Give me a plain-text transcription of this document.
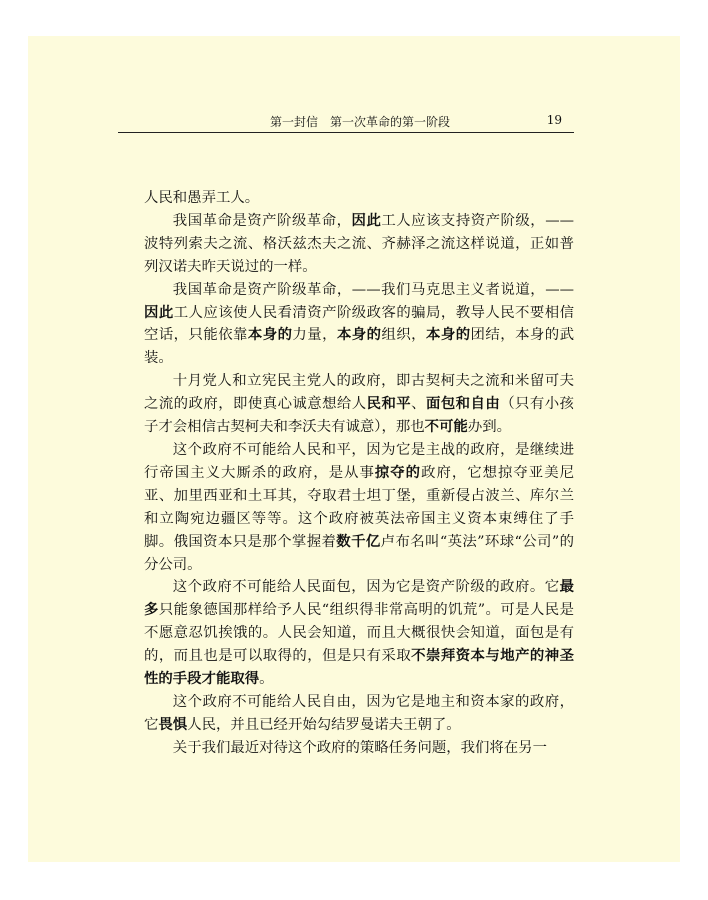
第一封信　第一次革命的第一阶段	19

人民和愚弄工人。

我国革命是资产阶级革命，因此工人应该支持资产阶级，——波特列索夫之流、格沃兹杰夫之流、齐赫泽之流这样说道，正如普列汉诺夫昨天说过的一样。

我国革命是资产阶级革命，——我们马克思主义者说道，——因此工人应该使人民看清资产阶级政客的骗局，教导人民不要相信空话，只能依靠本身的力量，本身的组织，本身的团结，本身的武装。

十月党人和立宪民主党人的政府，即古契柯夫之流和米留可夫之流的政府，即使真心诚意想给人民和平、面包和自由（只有小孩子才会相信古契柯夫和李沃夫有诚意），那也不可能办到。

这个政府不可能给人民和平，因为它是主战的政府，是继续进行帝国主义大厮杀的政府，是从事掠夺的政府，它想掠夺亚美尼亚、加里西亚和土耳其，夺取君士坦丁堡，重新侵占波兰、库尔兰和立陶宛边疆区等等。这个政府被英法帝国主义资本束缚住了手脚。俄国资本只是那个掌握着数千亿卢布名叫“英法”环球“公司”的分公司。

这个政府不可能给人民面包，因为它是资产阶级的政府。它最多只能象德国那样给予人民“组织得非常高明的饥荒”。可是人民是不愿意忍饥挨饿的。人民会知道，而且大概很快会知道，面包是有的，而且也是可以取得的，但是只有采取不崇拜资本与地产的神圣性的手段才能取得。

这个政府不可能给人民自由，因为它是地主和资本家的政府，它畏惧人民，并且已经开始勾结罗曼诺夫王朝了。

关于我们最近对待这个政府的策略任务问题，我们将在另一
